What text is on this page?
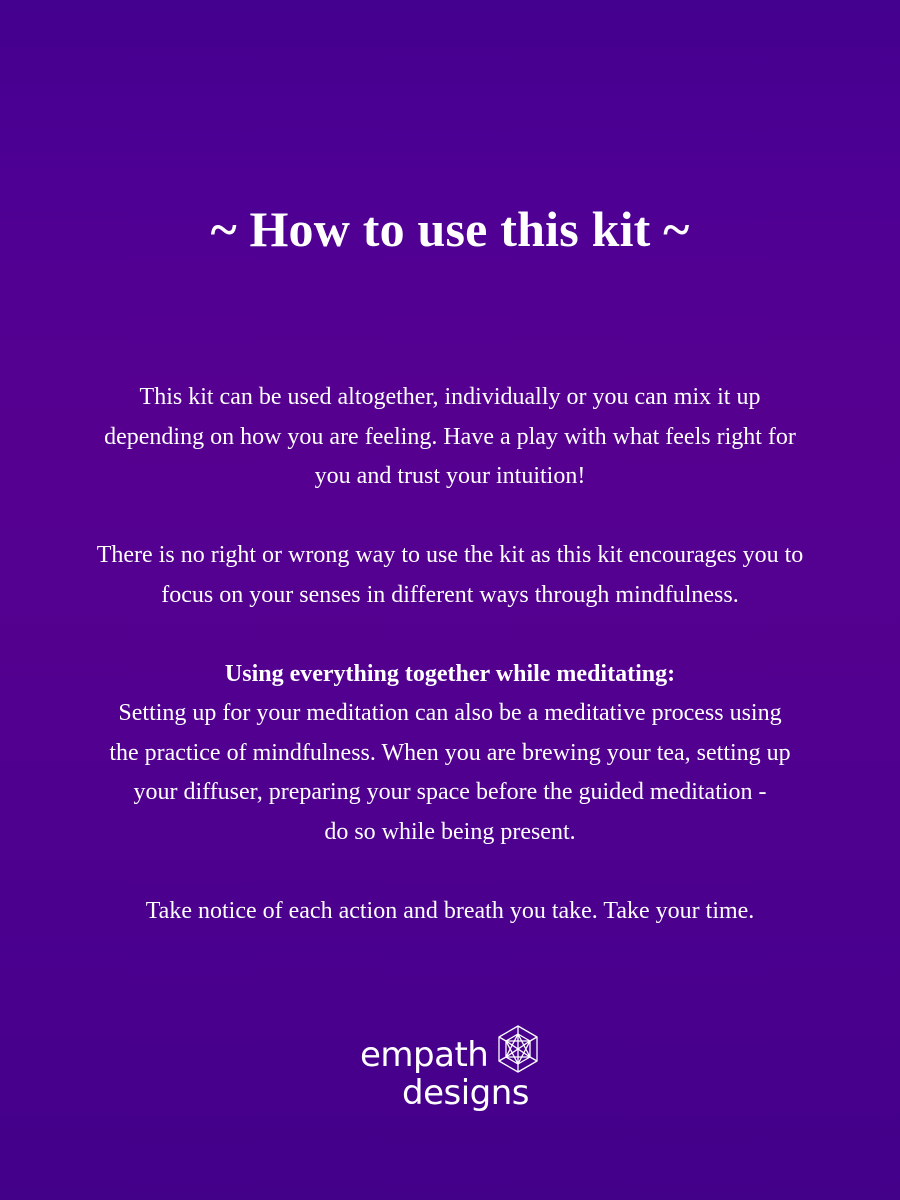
~ How to use this kit ~

This kit can be used altogether, individually or you can mix it up

depending on how you are feeling. Have a play with what feels right for

you and trust your intuition!

There is no right or wrong way to use the kit as this kit encourages you to

focus on your senses in different ways through mindfulness.

Using everything together while meditating:

Setting up for your meditation can also be a meditative process using

the practice of mindfulness. When you are brewing your tea, setting up

your diffuser, preparing your space before the guided meditation -

do so while being present.

Take notice of each action and breath you take. Take your time.

empath
designs
